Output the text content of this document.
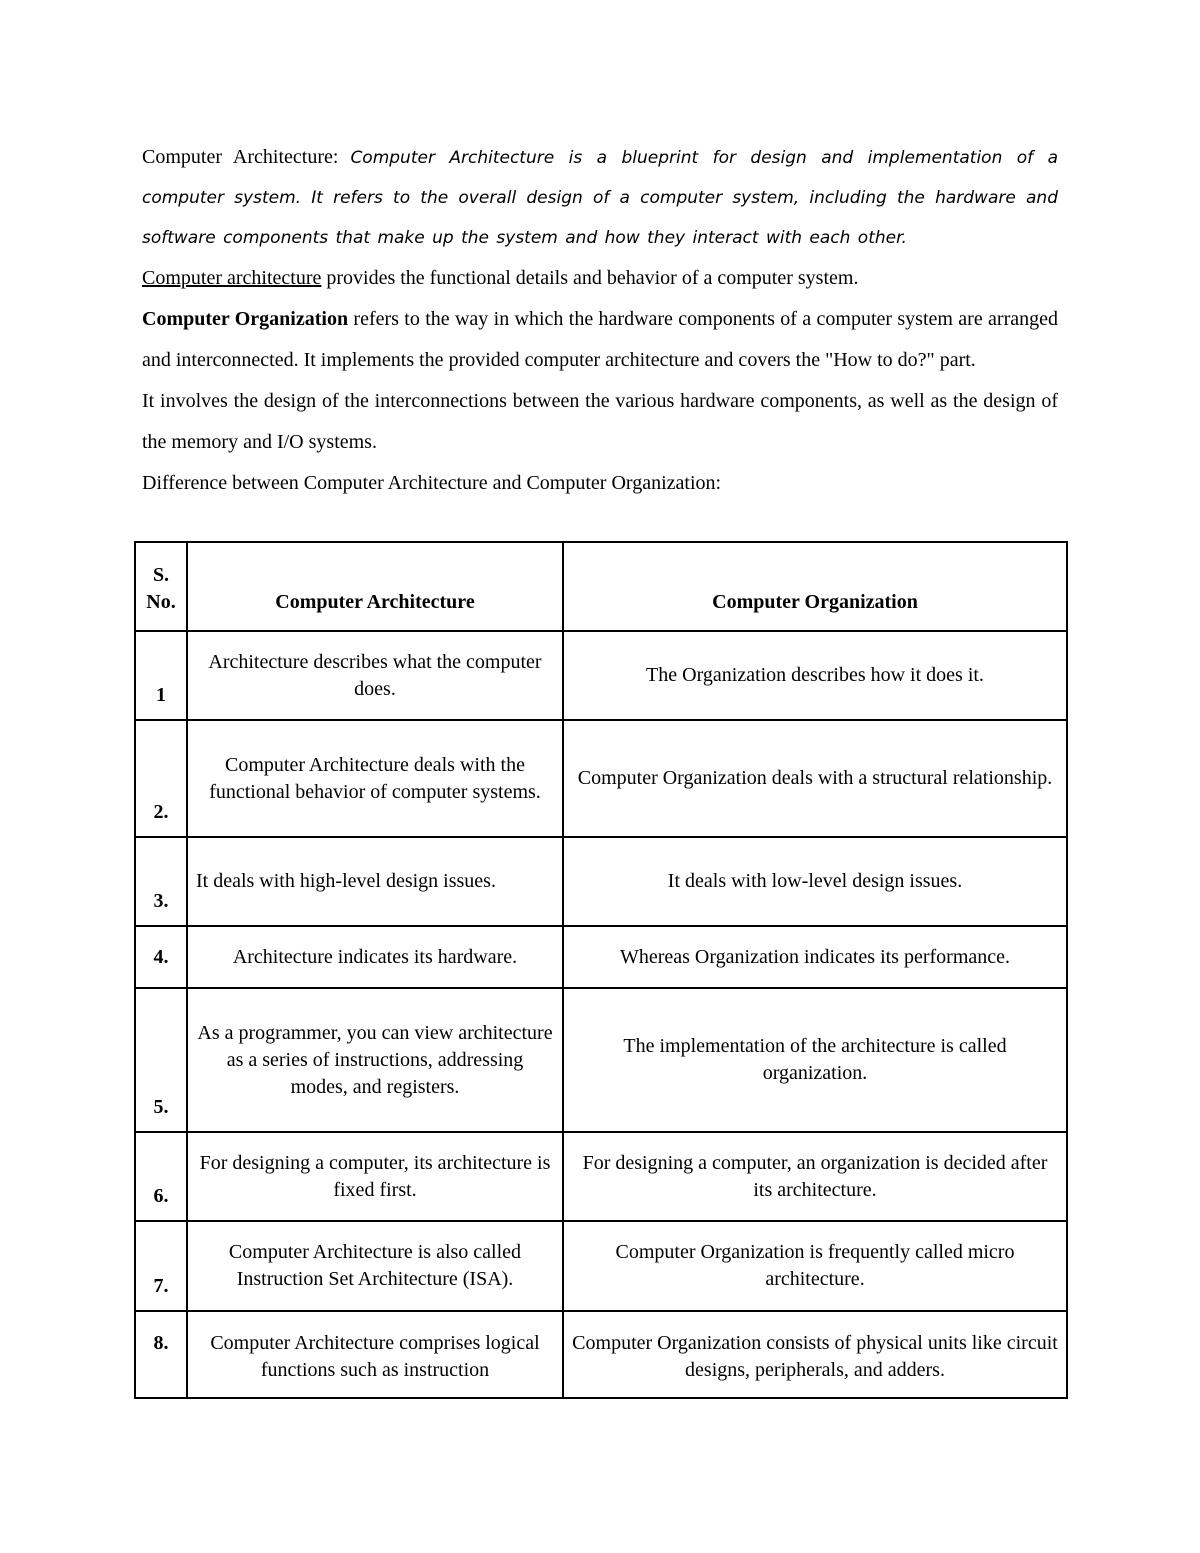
Computer Architecture: Computer Architecture is a blueprint for design and implementation of a computer system. It refers to the overall design of a computer system, including the hardware and software components that make up the system and how they interact with each other.

Computer architecture provides the functional details and behavior of a computer system.

Computer Organization refers to the way in which the hardware components of a computer system are arranged and interconnected. It implements the provided computer architecture and covers the "How to do?" part.

It involves the design of the interconnections between the various hardware components, as well as the design of the memory and I/O systems.

Difference between Computer Architecture and Computer Organization:

S. No.	Computer Architecture	Computer Organization
1	Architecture describes what the computer does.	The Organization describes how it does it.
2.	Computer Architecture deals with the functional behavior of computer systems.	Computer Organization deals with a structural relationship.
3.	It deals with high-level design issues.	It deals with low-level design issues.
4.	Architecture indicates its hardware.	Whereas Organization indicates its performance.
5.	As a programmer, you can view architecture as a series of instructions, addressing modes, and registers.	The implementation of the architecture is called organization.
6.	For designing a computer, its architecture is fixed first.	For designing a computer, an organization is decided after its architecture.
7.	Computer Architecture is also called Instruction Set Architecture (ISA).	Computer Organization is frequently called micro architecture.
8.	Computer Architecture comprises logical functions such as instruction	Computer Organization consists of physical units like circuit designs, peripherals, and adders.
